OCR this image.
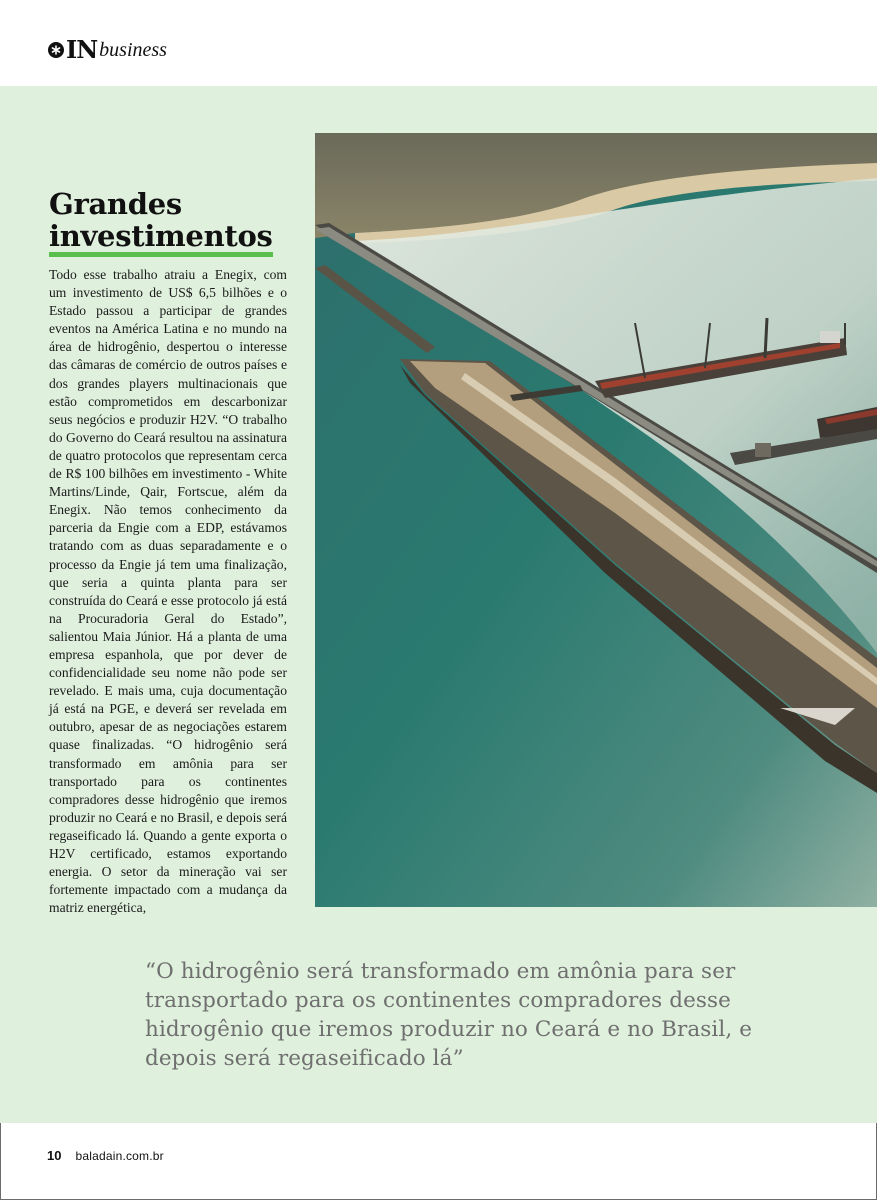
IN business
Grandes
investimentos

Todo esse trabalho atraiu a Enegix, com um investimento de US$ 6,5 bilhões e o Estado passou a participar de grandes eventos na América Latina e no mundo na área de hidrogênio, despertou o interesse das câmaras de comércio de outros países e dos grandes players multinacionais que estão comprometidos em descarbonizar seus negócios e produzir H2V. “O trabalho do Governo do Ceará resultou na assinatura de quatro protocolos que representam cerca de R$ 100 bilhões em investimento - White Martins/Linde, Qair, Fortscue, além da Enegix. Não temos conhecimento da parceria da Engie com a EDP, estávamos tratando com as duas separadamente e o processo da Engie já tem uma finalização, que seria a quinta planta para ser construída do Ceará e esse protocolo já está na Procuradoria Geral do Estado”, salientou Maia Júnior. Há a planta de uma empresa espanhola, que por dever de confidencialidade seu nome não pode ser revelado. E mais uma, cuja documentação já está na PGE, e deverá ser revelada em outubro, apesar de as negociações estarem quase finalizadas. “O hidrogênio será transformado em amônia para ser transportado para os continentes compradores desse hidrogênio que iremos produzir no Ceará e no Brasil, e depois será regaseificado lá. Quando a gente exporta o H2V certificado, estamos exportando energia. O setor da mineração vai ser fortemente impactado com a mudança da matriz energética,

“O hidrogênio será transformado em amônia para ser transportado para os continentes compradores desse hidrogênio que iremos produzir no Ceará e no Brasil, e depois será regaseificado lá”

10 baladain.com.br
